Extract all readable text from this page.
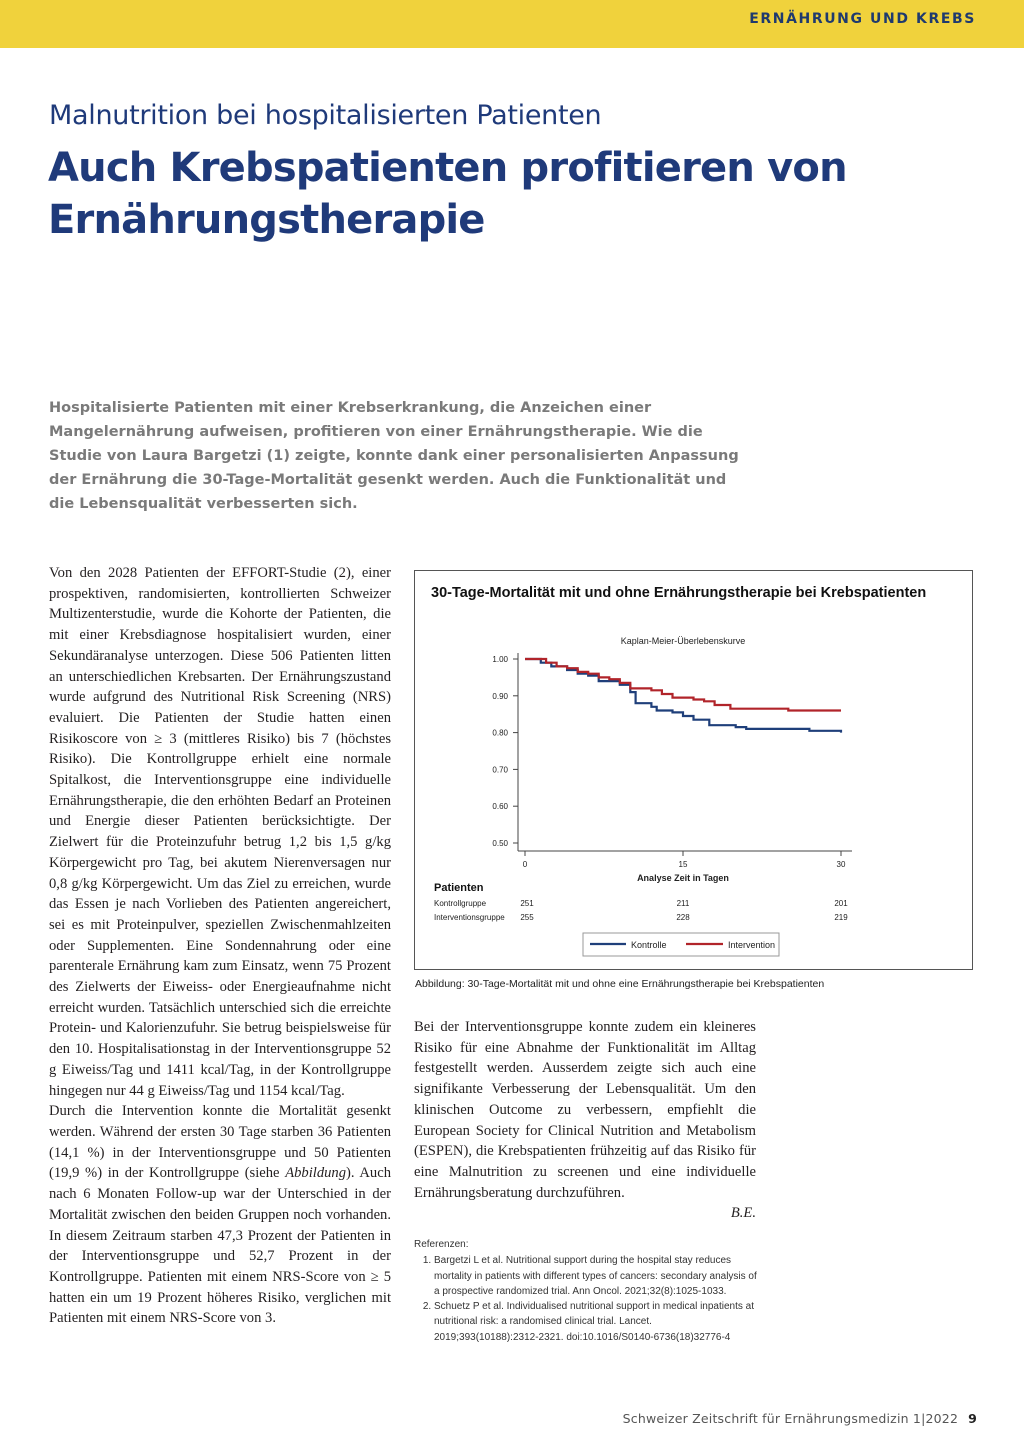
ERNÄHRUNG UND KREBS
Malnutrition bei hospitalisierten Patienten
Auch Krebspatienten profitieren von Ernährungstherapie
Hospitalisierte Patienten mit einer Krebserkrankung, die Anzeichen einer Mangelernährung aufweisen, profitieren von einer Ernährungstherapie. Wie die Studie von Laura Bargetzi (1) zeigte, konnte dank einer personalisierten Anpassung der Ernährung die 30-Tage-Mortalität gesenkt werden. Auch die Funktionalität und die Lebensqualität verbesserten sich.

Von den 2028 Patienten der EFFORT-Studie (2), einer prospektiven, randomisierten, kontrollierten Schweizer Multizenterstudie, wurde die Kohorte der Patienten, die mit einer Krebsdiagnose hospitalisiert wurden, einer Sekundäranalyse unterzogen. Diese 506 Patienten litten an unterschiedlichen Krebsarten. Der Ernährungszustand wurde aufgrund des Nutritional Risk Screening (NRS) evaluiert. Die Patienten der Studie hatten einen Risikoscore von ≥ 3 (mittleres Risiko) bis 7 (höchstes Risiko). Die Kontrollgruppe erhielt eine normale Spitalkost, die Interventionsgruppe eine individuelle Ernährungstherapie, die den erhöhten Bedarf an Proteinen und Energie dieser Patienten berücksichtigte. Der Zielwert für die Proteinzufuhr betrug 1,2 bis 1,5 g/kg Körpergewicht pro Tag, bei akutem Nierenversagen nur 0,8 g/kg Körpergewicht. Um das Ziel zu erreichen, wurde das Essen je nach Vorlieben des Patienten angereichert, sei es mit Proteinpulver, speziellen Zwischenmahlzeiten oder Supplementen. Eine Sondennahrung oder eine parenterale Ernährung kam zum Einsatz, wenn 75 Prozent des Zielwerts der Eiweiss- oder Energieaufnahme nicht erreicht wurden. Tatsächlich unterschied sich die erreichte Protein- und Kalorienzufuhr. Sie betrug beispielsweise für den 10. Hospitalisationstag in der Interventionsgruppe 52 g Eiweiss/Tag und 1411 kcal/Tag, in der Kontrollgruppe hingegen nur 44 g Eiweiss/Tag und 1154 kcal/Tag.

Durch die Intervention konnte die Mortalität gesenkt werden. Während der ersten 30 Tage starben 36 Patienten (14,1 %) in der Interventionsgruppe und 50 Patienten (19,9 %) in der Kontrollgruppe (siehe Abbildung). Auch nach 6 Monaten Follow-up war der Unterschied in der Mortalität zwischen den beiden Gruppen noch vorhanden. In diesem Zeitraum starben 47,3 Prozent der Patienten in der Interventionsgruppe und 52,7 Prozent in der Kontrollgruppe. Patienten mit einem NRS-Score von ≥ 5 hatten ein um 19 Prozent höheres Risiko, verglichen mit Patienten mit einem NRS-Score von 3.

30-Tage-Mortalität mit und ohne Ernährungstherapie bei Krebspatienten
Kaplan-Meier-Überlebenskurve
1.00
0.90
0.80
0.70
0.60
0.50
0	15	30
Analyse Zeit in Tagen
Patienten
Kontrollgruppe	251	211	201
Interventionsgruppe 255	228	219
Kontrolle	Intervention
Abbildung: 30-Tage-Mortalität mit und ohne eine Ernährungstherapie bei Krebspatienten

Bei der Interventionsgruppe konnte zudem ein kleineres Risiko für eine Abnahme der Funktionalität im Alltag festgestellt werden. Ausserdem zeigte sich auch eine signifikante Verbesserung der Lebensqualität. Um den klinischen Outcome zu verbessern, empfiehlt die European Society for Clinical Nutrition and Metabolism (ESPEN), die Krebspatienten frühzeitig auf das Risiko für eine Malnutrition zu screenen und eine individuelle Ernährungsberatung durchzuführen.

B.E.

Referenzen:

1. Bargetzi L et al. Nutritional support during the hospital stay reduces mortality in patients with different types of cancers: secondary analysis of a prospective randomized trial. Ann Oncol. 2021;32(8):1025-1033.
2. Schuetz P et al. Individualised nutritional support in medical inpatients at nutritional risk: a randomised clinical trial. Lancet. 2019;393(10188):2312-2321. doi:10.1016/S0140-6736(18)32776-4
Schweizer Zeitschrift für Ernährungsmedizin 1|2022 9
